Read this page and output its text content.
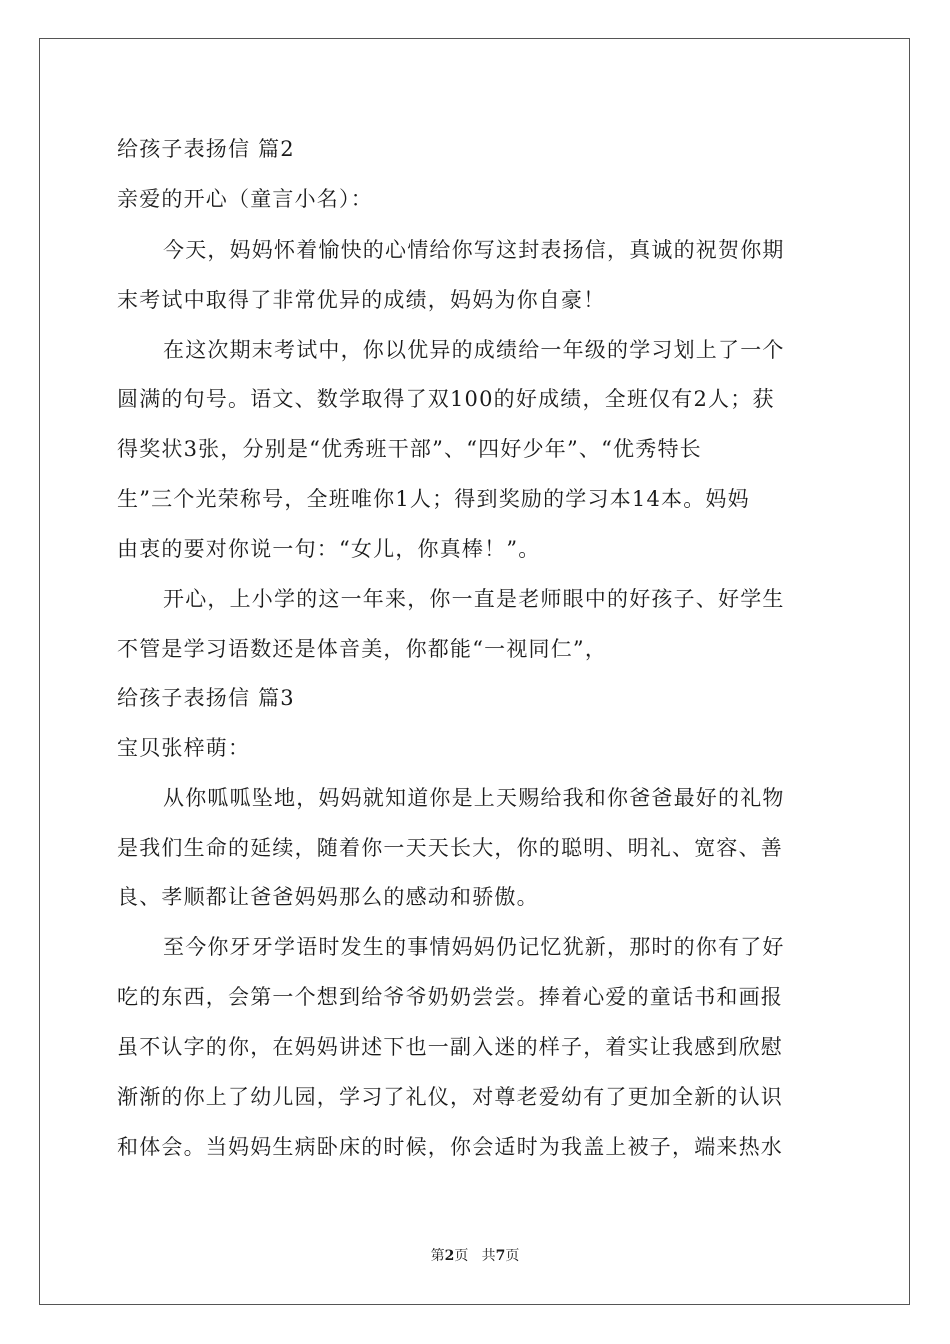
给孩子表扬信 篇2
亲爱的开心（童言小名）：
今天，妈妈怀着愉快的心情给你写这封表扬信，真诚的祝贺你期
末考试中取得了非常优异的成绩，妈妈为你自豪！
在这次期末考试中，你以优异的成绩给一年级的学习划上了一个
圆满的句号。语文、数学取得了双100的好成绩，全班仅有2人；获
得奖状3张，分别是“优秀班干部”、“四好少年”、“优秀特长
生”三个光荣称号，全班唯你1人；得到奖励的学习本14本。妈妈
由衷的要对你说一句：“女儿，你真棒！”。
开心，上小学的这一年来，你一直是老师眼中的好孩子、好学生
不管是学习语数还是体音美，你都能“一视同仁”，
给孩子表扬信 篇3
宝贝张梓萌：
从你呱呱坠地，妈妈就知道你是上天赐给我和你爸爸最好的礼物
是我们生命的延续，随着你一天天长大，你的聪明、明礼、宽容、善
良、孝顺都让爸爸妈妈那么的感动和骄傲。
至今你牙牙学语时发生的事情妈妈仍记忆犹新，那时的你有了好
吃的东西，会第一个想到给爷爷奶奶尝尝。捧着心爱的童话书和画报
虽不认字的你，在妈妈讲述下也一副入迷的样子，着实让我感到欣慰
渐渐的你上了幼儿园，学习了礼仪，对尊老爱幼有了更加全新的认识
和体会。当妈妈生病卧床的时候，你会适时为我盖上被子，端来热水
第2页 共7页
